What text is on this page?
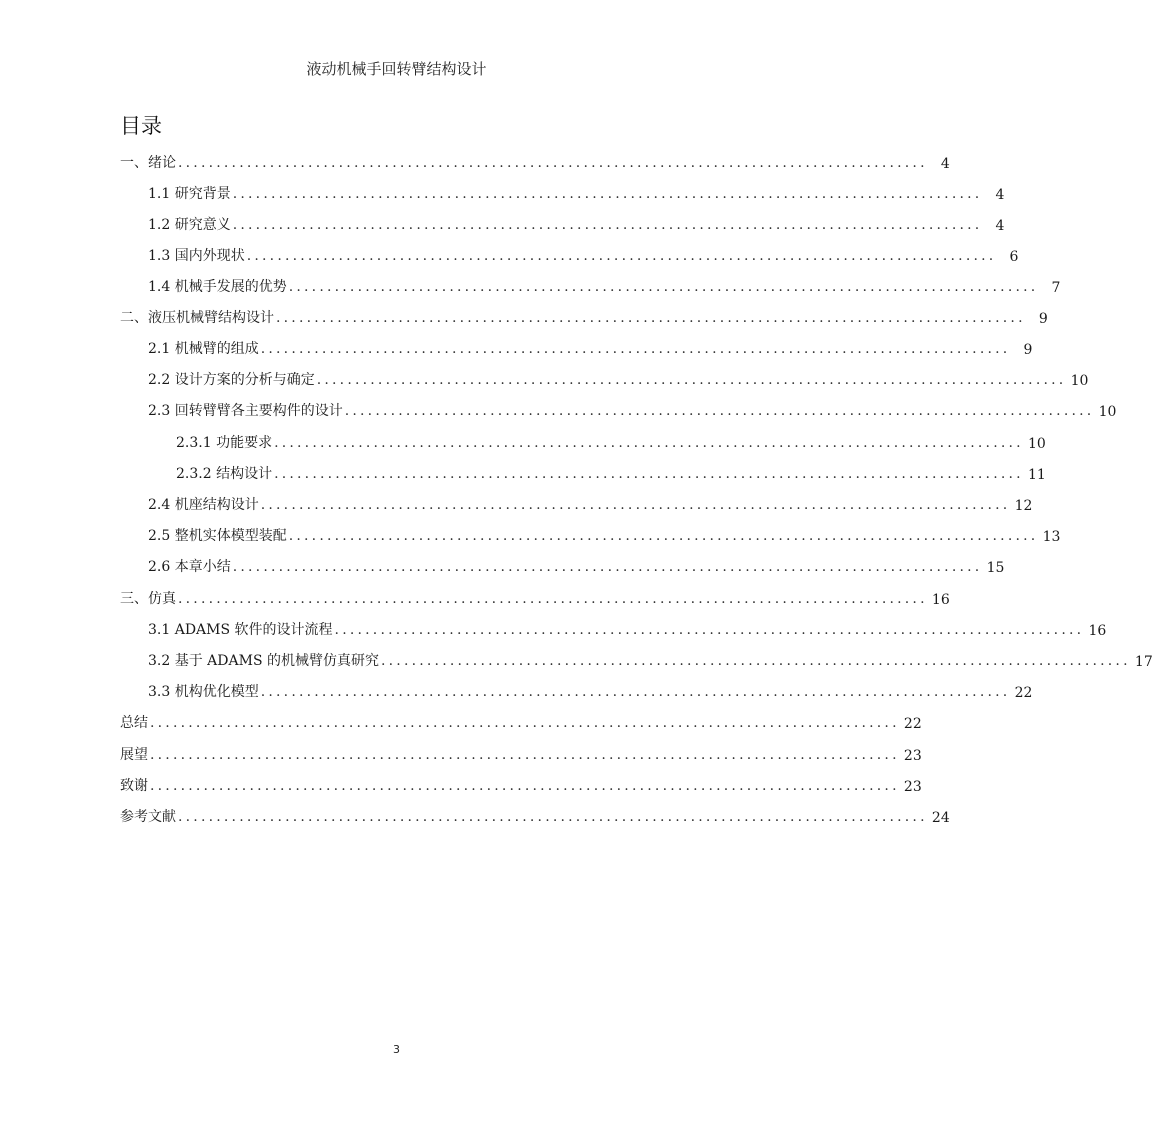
液动机械手回转臂结构设计
目录
一、绪论 .................................................................................................. 4
1.1 研究背景 .................................................................................................. 4
1.2 研究意义 .................................................................................................. 4
1.3 国内外现状 .................................................................................................. 6
1.4 机械手发展的优势 .................................................................................................. 7
二、液压机械臂结构设计 .................................................................................................. 9
2.1 机械臂的组成 .................................................................................................. 9
2.2 设计方案的分析与确定 .................................................................................................. 10
2.3 回转臂臂各主要构件的设计 .................................................................................................. 10
2.3.1 功能要求 .................................................................................................. 10
2.3.2 结构设计 .................................................................................................. 11
2.4 机座结构设计 .................................................................................................. 12
2.5 整机实体模型装配 .................................................................................................. 13
2.6 本章小结 .................................................................................................. 15
三、仿真 .................................................................................................. 16
3.1 ADAMS 软件的设计流程 .................................................................................................. 16
3.2 基于 ADAMS 的机械臂仿真研究 .................................................................................................. 17
3.3 机构优化模型 .................................................................................................. 22
总结 .................................................................................................. 22
展望 .................................................................................................. 23
致谢 .................................................................................................. 23
参考文献 .................................................................................................. 24
3
